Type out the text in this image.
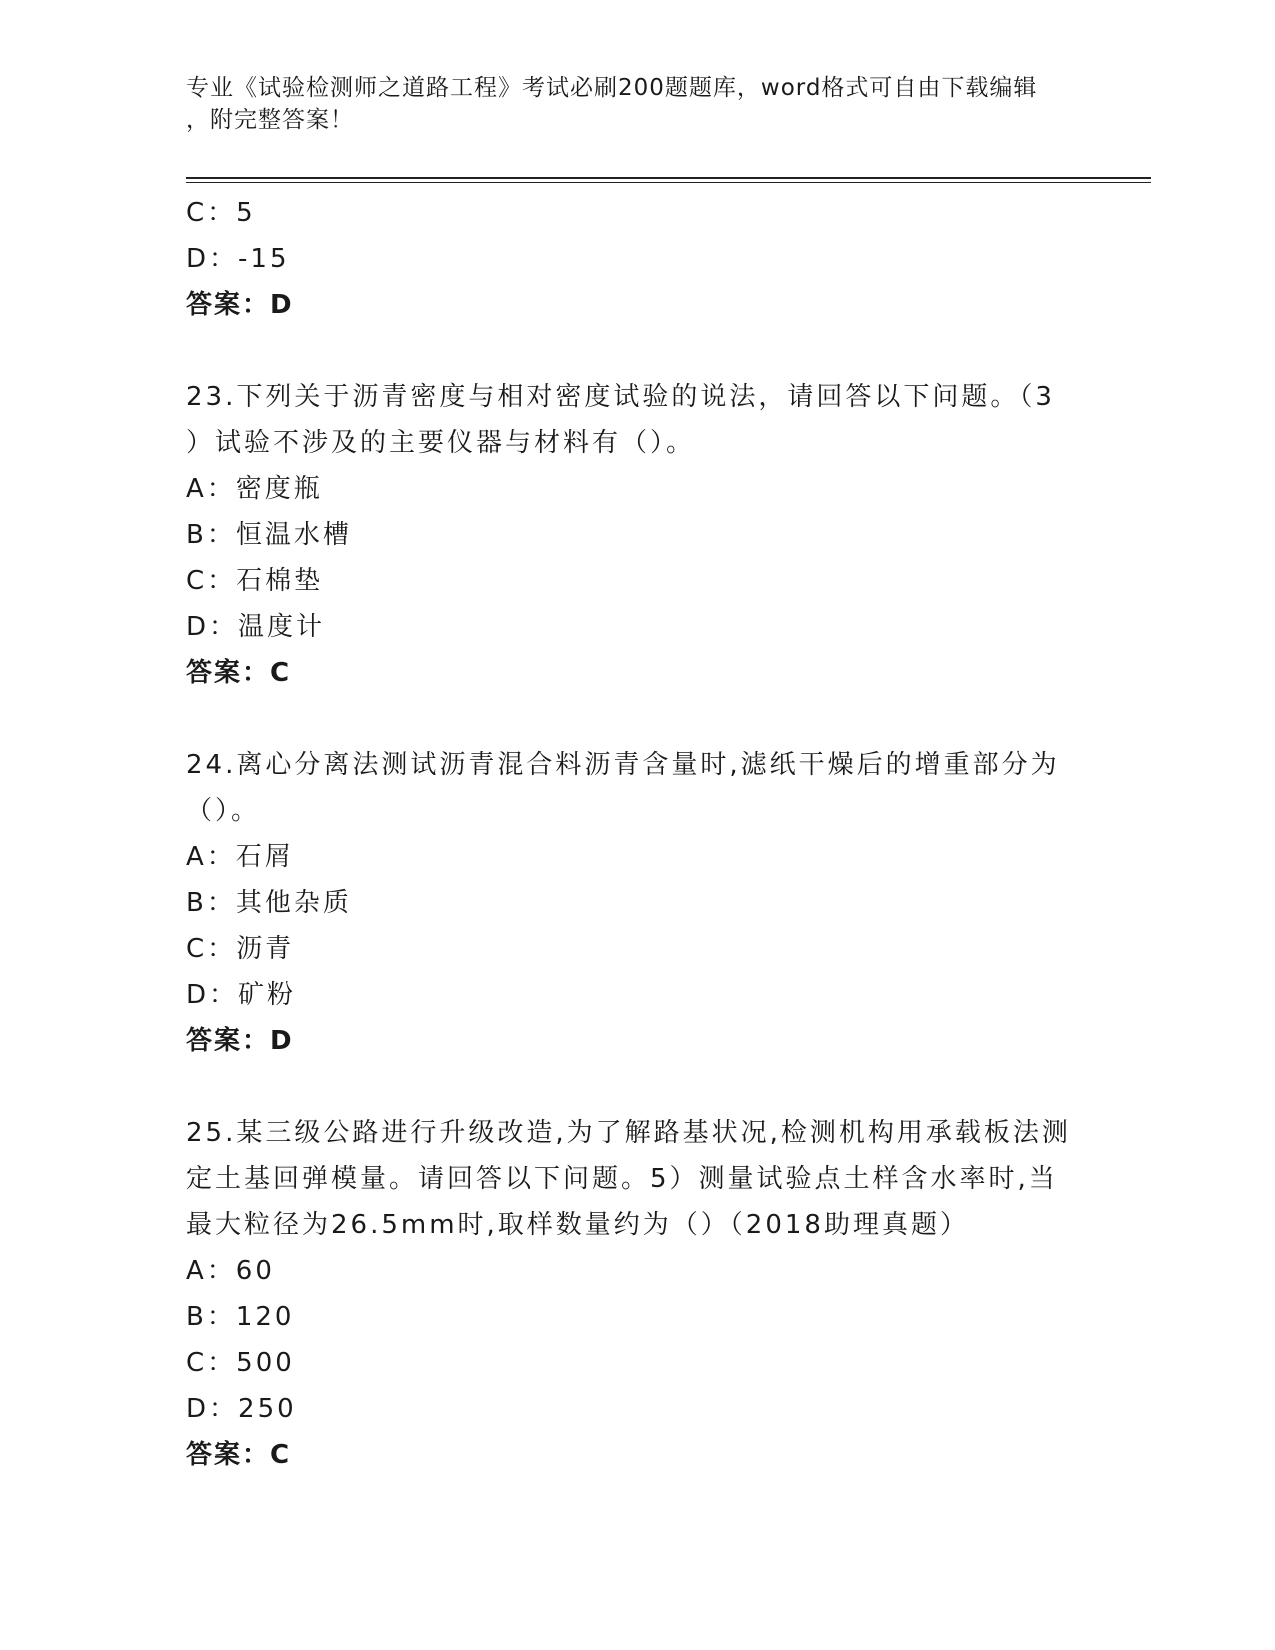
专业《试验检测师之道路工程》考试必刷200题题库，word格式可自由下载编辑
，附完整答案！
C：5
D：-15
答案：D
23.下列关于沥青密度与相对密度试验的说法，请回答以下问题。（3
）试验不涉及的主要仪器与材料有（）。
A：密度瓶
B：恒温水槽
C：石棉垫
D：温度计
答案：C
24.离心分离法测试沥青混合料沥青含量时,滤纸干燥后的增重部分为
（）。
A：石屑
B：其他杂质
C：沥青
D：矿粉
答案：D
25.某三级公路进行升级改造,为了解路基状况,检测机构用承载板法测
定土基回弹模量。请回答以下问题。5）测量试验点土样含水率时,当
最大粒径为26.5mm时,取样数量约为（）（2018助理真题）
A：60
B：120
C：500
D：250
答案：C
